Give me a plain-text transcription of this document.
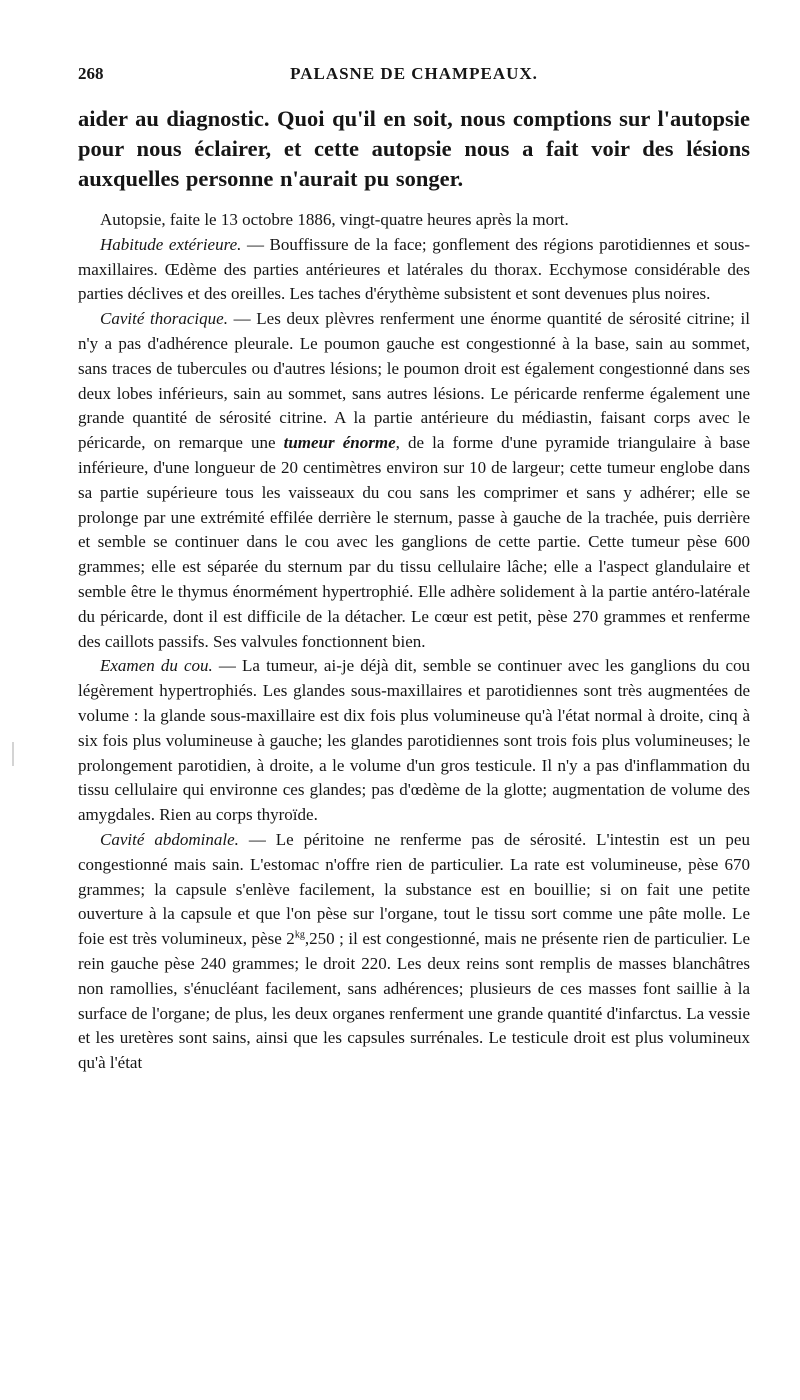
268	PALASNE DE CHAMPEAUX.

aider au diagnostic. Quoi qu'il en soit, nous comptions sur l'autopsie pour nous éclairer, et cette autopsie nous a fait voir des lésions auxquelles personne n'aurait pu songer.

Autopsie, faite le 13 octobre 1886, vingt-quatre heures après la mort.

Habitude extérieure. — Bouffissure de la face; gonflement des régions parotidiennes et sous-maxillaires. Œdème des parties antérieures et latérales du thorax. Ecchymose considérable des parties déclives et des oreilles. Les taches d'érythème subsistent et sont devenues plus noires.

Cavité thoracique. — Les deux plèvres renferment une énorme quantité de sérosité citrine; il n'y a pas d'adhérence pleurale. Le poumon gauche est congestionné à la base, sain au sommet, sans traces de tubercules ou d'autres lésions; le poumon droit est également congestionné dans ses deux lobes inférieurs, sain au sommet, sans autres lésions. Le péricarde renferme également une grande quantité de sérosité citrine. A la partie antérieure du médiastin, faisant corps avec le péricarde, on remarque une tumeur énorme, de la forme d'une pyramide triangulaire à base inférieure, d'une longueur de 20 centimètres environ sur 10 de largeur; cette tumeur englobe dans sa partie supérieure tous les vaisseaux du cou sans les comprimer et sans y adhérer; elle se prolonge par une extrémité effilée derrière le sternum, passe à gauche de la trachée, puis derrière et semble se continuer dans le cou avec les ganglions de cette partie. Cette tumeur pèse 600 grammes; elle est séparée du sternum par du tissu cellulaire lâche; elle a l'aspect glandulaire et semble être le thymus énormément hypertrophié. Elle adhère solidement à la partie antéro-latérale du péricarde, dont il est difficile de la détacher. Le cœur est petit, pèse 270 grammes et renferme des caillots passifs. Ses valvules fonctionnent bien.

Examen du cou. — La tumeur, ai-je déjà dit, semble se continuer avec les ganglions du cou légèrement hypertrophiés. Les glandes sous-maxillaires et parotidiennes sont très augmentées de volume : la glande sous-maxillaire est dix fois plus volumineuse qu'à l'état normal à droite, cinq à six fois plus volumineuse à gauche; les glandes parotidiennes sont trois fois plus volumineuses; le prolongement parotidien, à droite, a le volume d'un gros testicule. Il n'y a pas d'inflammation du tissu cellulaire qui environne ces glandes; pas d'œdème de la glotte; augmentation de volume des amygdales. Rien au corps thyroïde.

Cavité abdominale. — Le péritoine ne renferme pas de sérosité. L'intestin est un peu congestionné mais sain. L'estomac n'offre rien de particulier. La rate est volumineuse, pèse 670 grammes; la capsule s'enlève facilement, la substance est en bouillie; si on fait une petite ouverture à la capsule et que l'on pèse sur l'organe, tout le tissu sort comme une pâte molle. Le foie est très volumineux, pèse $2^{kg},250$ ; il est congestionné, mais ne présente rien de particulier. Le rein gauche pèse 240 grammes; le droit 220. Les deux reins sont remplis de masses blanchâtres non ramollies, s'énucléant facilement, sans adhérences; plusieurs de ces masses font saillie à la surface de l'organe; de plus, les deux organes renferment une grande quantité d'infarctus. La vessie et les uretères sont sains, ainsi que les capsules surrénales. Le testicule droit est plus volumineux qu'à l'état
